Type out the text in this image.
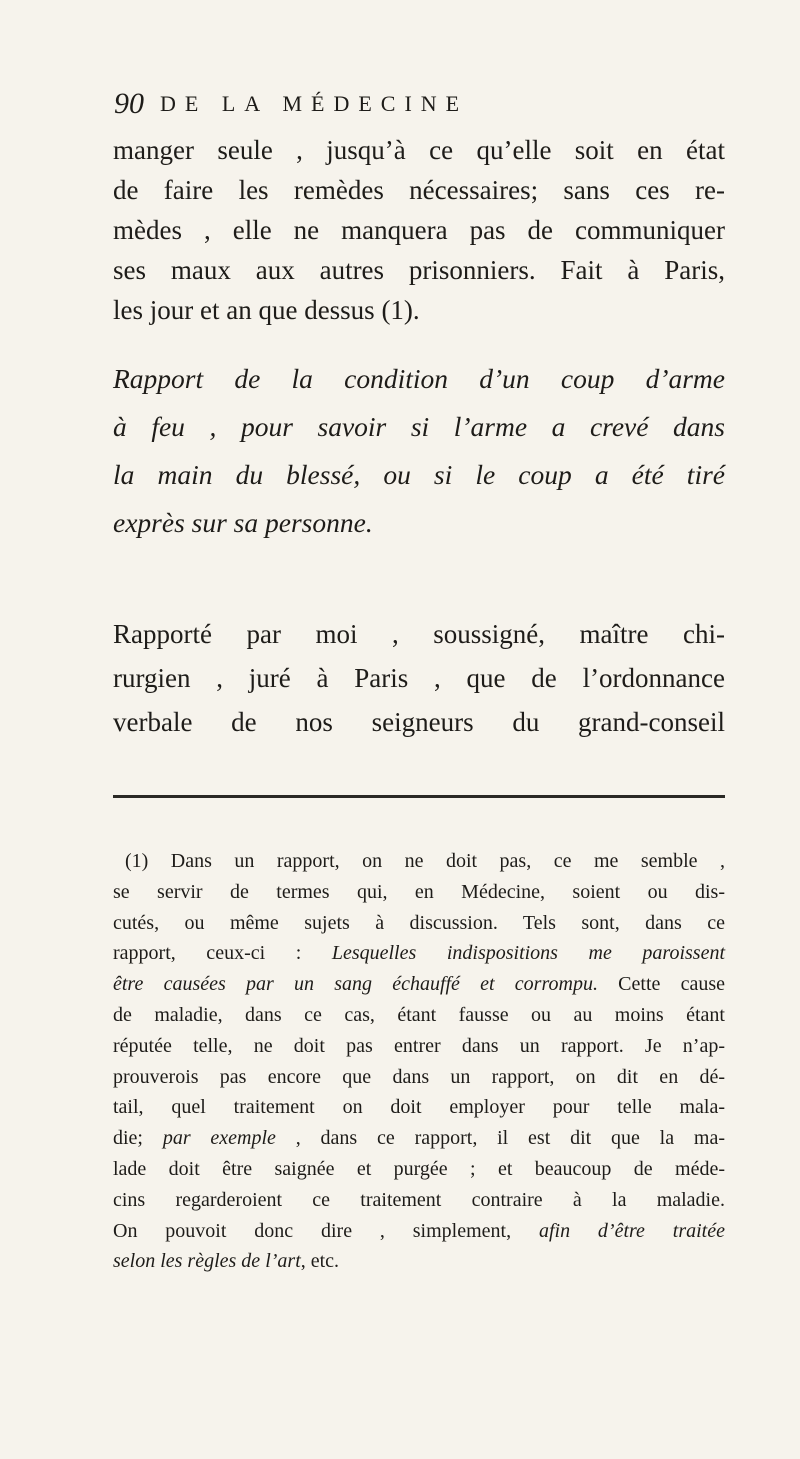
90 DE LA MÉDECINE
manger seule , jusqu’à ce qu’elle soit en état
de faire les remèdes nécessaires; sans ces re-
mèdes , elle ne manquera pas de communiquer
ses maux aux autres prisonniers. Fait à Paris,
les jour et an que dessus (1).
Rapport de la condition d’un coup d’arme
à feu , pour savoir si l’arme a crevé dans
la main du blessé, ou si le coup a été tiré
exprès sur sa personne.
Rapporté par moi , soussigné, maître chi-
rurgien , juré à Paris , que de l’ordonnance
verbale de nos seigneurs du grand-conseil
(1) Dans un rapport, on ne doit pas, ce me semble ,
se servir de termes qui, en Médecine, soient ou dis-
cutés, ou même sujets à discussion. Tels sont, dans ce
rapport, ceux-ci : Lesquelles indispositions me paroissent
être causées par un sang échauffé et corrompu. Cette cause
de maladie, dans ce cas, étant fausse ou au moins étant
réputée telle, ne doit pas entrer dans un rapport. Je n’ap-
prouverois pas encore que dans un rapport, on dit en dé-
tail, quel traitement on doit employer pour telle mala-
die; par exemple , dans ce rapport, il est dit que la ma-
lade doit être saignée et purgée ; et beaucoup de méde-
cins regarderoient ce traitement contraire à la maladie.
On pouvoit donc dire , simplement, afin d’être traitée
selon les règles de l’art, etc.
